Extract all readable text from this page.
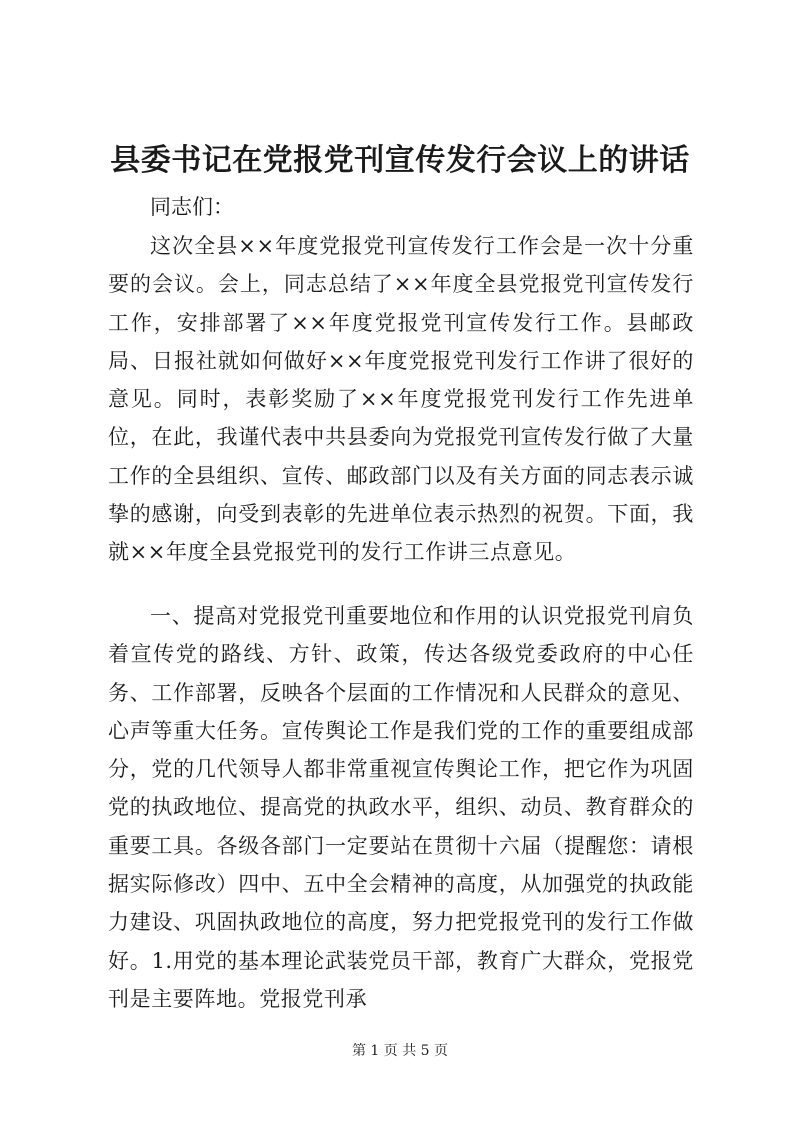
县委书记在党报党刊宣传发行会议上的讲话

同志们：

这次全县××年度党报党刊宣传发行工作会是一次十分重要的会议。会上，同志总结了××年度全县党报党刊宣传发行工作，安排部署了××年度党报党刊宣传发行工作。县邮政局、日报社就如何做好××年度党报党刊发行工作讲了很好的意见。同时，表彰奖励了××年度党报党刊发行工作先进单位，在此，我谨代表中共县委向为党报党刊宣传发行做了大量工作的全县组织、宣传、邮政部门以及有关方面的同志表示诚挚的感谢，向受到表彰的先进单位表示热烈的祝贺。下面，我就××年度全县党报党刊的发行工作讲三点意见。

一、提高对党报党刊重要地位和作用的认识党报党刊肩负着宣传党的路线、方针、政策，传达各级党委政府的中心任务、工作部署，反映各个层面的工作情况和人民群众的意见、心声等重大任务。宣传舆论工作是我们党的工作的重要组成部分，党的几代领导人都非常重视宣传舆论工作，把它作为巩固党的执政地位、提高党的执政水平，组织、动员、教育群众的重要工具。各级各部门一定要站在贯彻十六届（提醒您：请根据实际修改）四中、五中全会精神的高度，从加强党的执政能力建设、巩固执政地位的高度，努力把党报党刊的发行工作做好。1.用党的基本理论武装党员干部，教育广大群众，党报党刊是主要阵地。党报党刊承

第 1 页 共 5 页
